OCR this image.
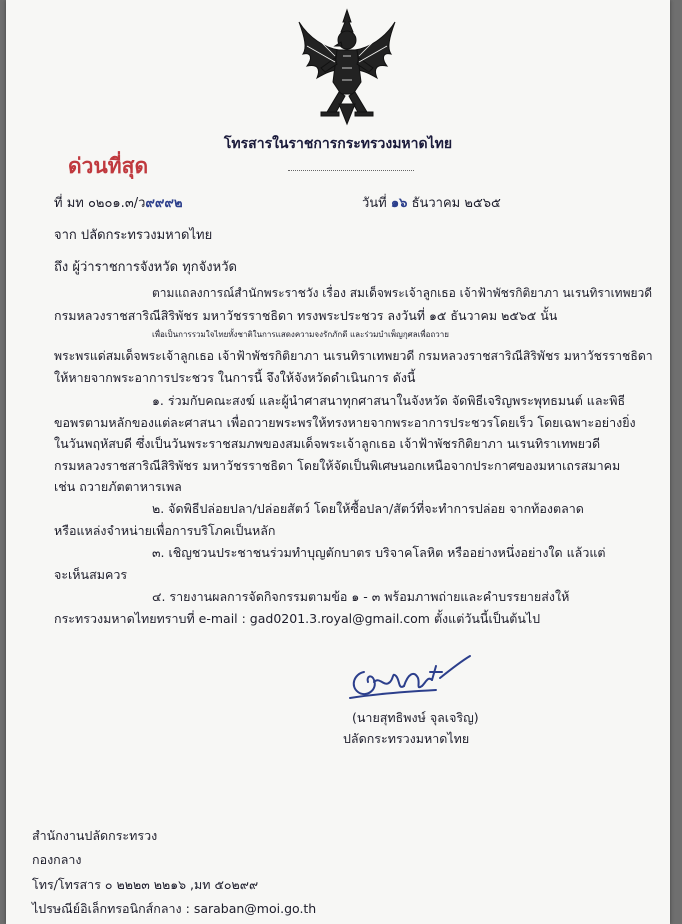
โทรสารในราชการกระทรวงมหาดไทย
ด่วนที่สุด
ที่ มท ๐๒๐๑.๓/ว๙๙๙๒	วันที่ ๑๖ ธันวาคม ๒๕๖๕
จาก ปลัดกระทรวงมหาดไทย
ถึง ผู้ว่าราชการจังหวัด ทุกจังหวัด
ตามแถลงการณ์สำนักพระราชวัง เรื่อง สมเด็จพระเจ้าลูกเธอ เจ้าฟ้าพัชรกิติยาภา นเรนทิราเทพยวดี
กรมหลวงราชสาริณีสิริพัชร มหาวัชรราชธิดา ทรงพระประชวร ลงวันที่ ๑๕ ธันวาคม ๒๕๖๕ นั้น
เพื่อเป็นการรวมใจไทยทั้งชาติในการแสดงความจงรักภักดี และร่วมบำเพ็ญกุศลเพื่อถวาย
พระพรแด่สมเด็จพระเจ้าลูกเธอ เจ้าฟ้าพัชรกิติยาภา นเรนทิราเทพยวดี กรมหลวงราชสาริณีสิริพัชร มหาวัชรราชธิดา
ให้หายจากพระอาการประชวร ในการนี้ จึงให้จังหวัดดำเนินการ ดังนี้
๑. ร่วมกับคณะสงฆ์ และผู้นำศาสนาทุกศาสนาในจังหวัด จัดพิธีเจริญพระพุทธมนต์ และพิธี
ขอพรตามหลักของแต่ละศาสนา เพื่อถวายพระพรให้ทรงหายจากพระอาการประชวรโดยเร็ว โดยเฉพาะอย่างยิ่ง
ในวันพฤหัสบดี ซึ่งเป็นวันพระราชสมภพของสมเด็จพระเจ้าลูกเธอ เจ้าฟ้าพัชรกิติยาภา นเรนทิราเทพยวดี
กรมหลวงราชสาริณีสิริพัชร มหาวัชรราชธิดา โดยให้จัดเป็นพิเศษนอกเหนือจากประกาศของมหาเถรสมาคม
เช่น ถวายภัตตาหารเพล
๒. จัดพิธีปล่อยปลา/ปล่อยสัตว์ โดยให้ซื้อปลา/สัตว์ที่จะทำการปล่อย จากท้องตลาด
หรือแหล่งจำหน่ายเพื่อการบริโภคเป็นหลัก
๓. เชิญชวนประชาชนร่วมทำบุญตักบาตร บริจาคโลหิต หรืออย่างหนึ่งอย่างใด แล้วแต่
จะเห็นสมควร
๔. รายงานผลการจัดกิจกรรมตามข้อ ๑ - ๓ พร้อมภาพถ่ายและคำบรรยายส่งให้
กระทรวงมหาดไทยทราบที่ e-mail : gad0201.3.royal@gmail.com ตั้งแต่วันนี้เป็นต้นไป
(นายสุทธิพงษ์ จุลเจริญ)
ปลัดกระทรวงมหาดไทย
สำนักงานปลัดกระทรวง
กองกลาง
โทร/โทรสาร ๐ ๒๒๒๓ ๒๒๑๖ ,มท ๕๐๒๙๙
ไปรษณีย์อิเล็กทรอนิกส์กลาง : saraban@moi.go.th
